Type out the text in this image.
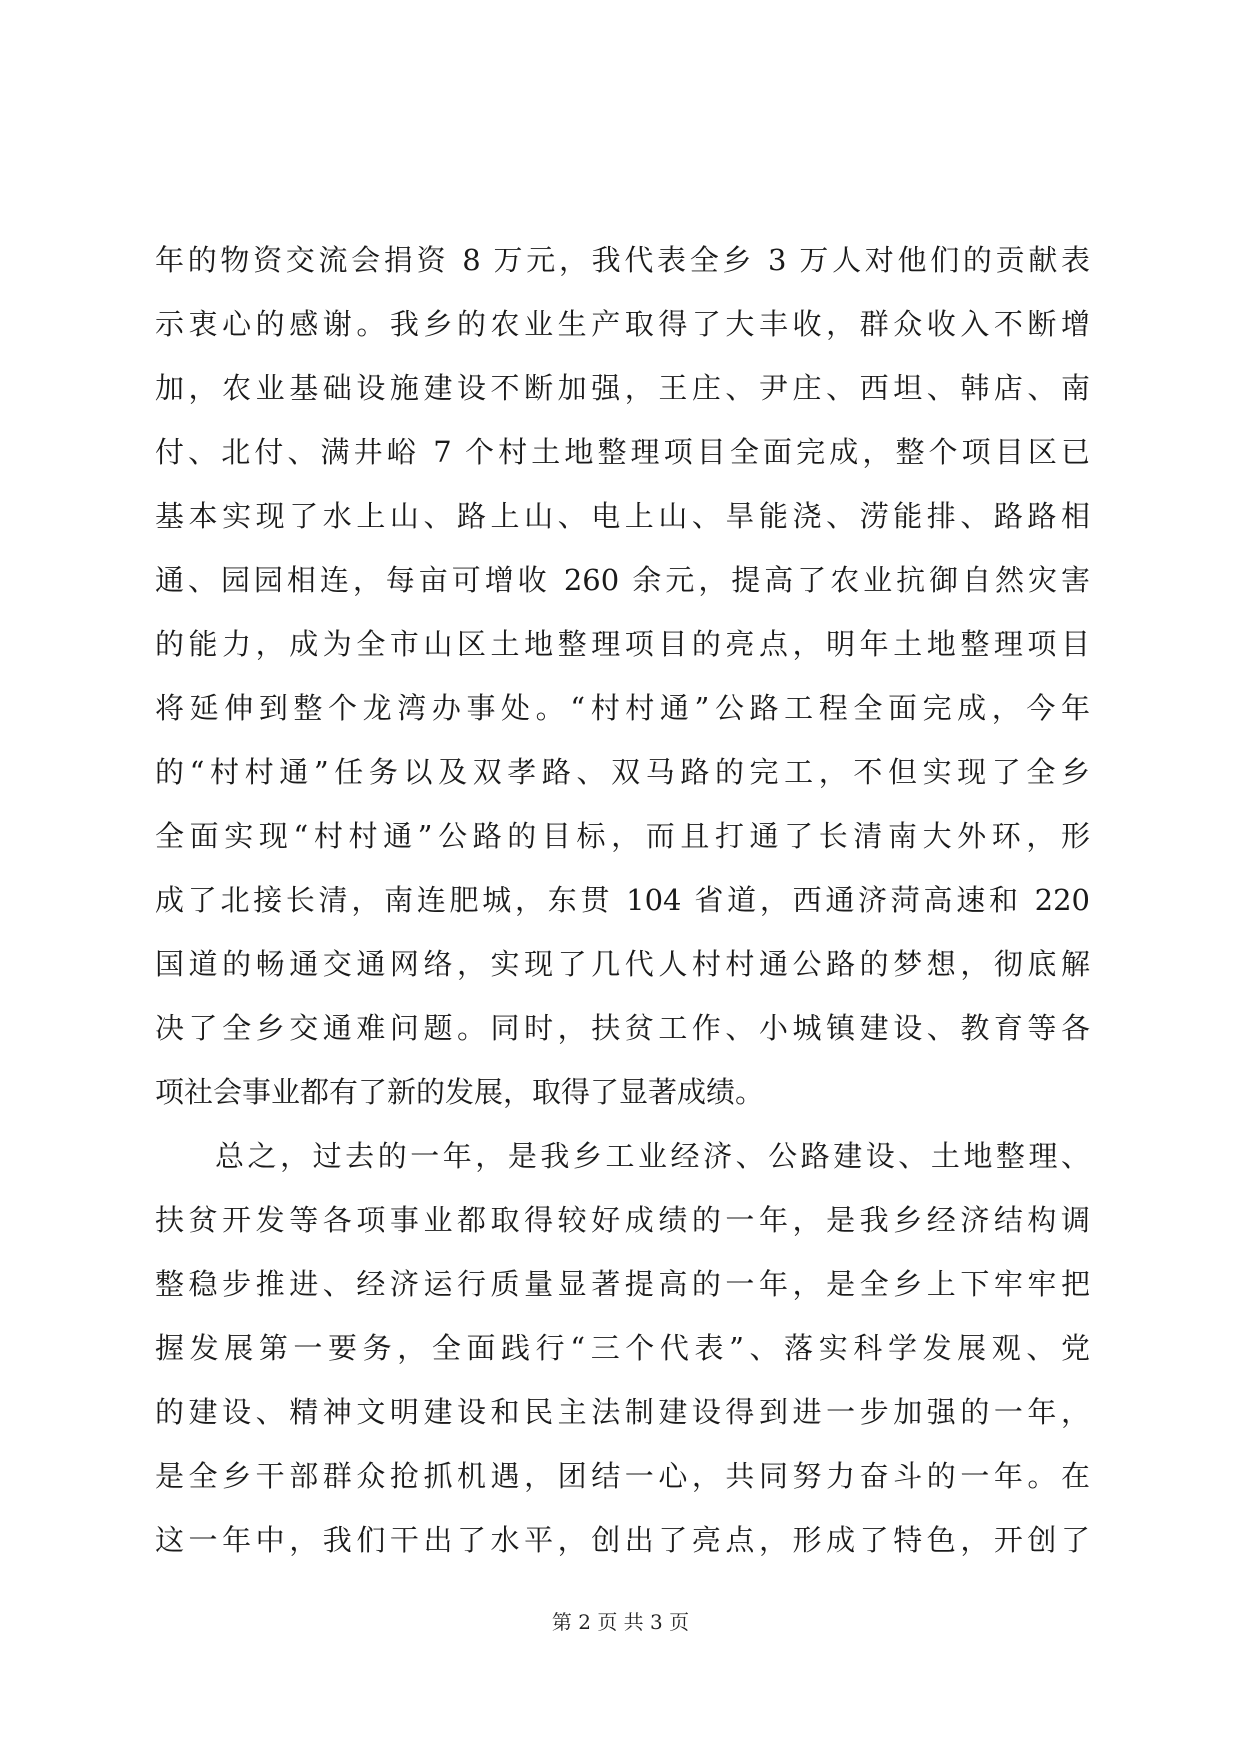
年的物资交流会捐资 8 万元，我代表全乡 3 万人对他们的贡献表
示衷心的感谢。我乡的农业生产取得了大丰收，群众收入不断增
加，农业基础设施建设不断加强，王庄、尹庄、西坦、韩店、南
付、北付、满井峪 7 个村土地整理项目全面完成，整个项目区已
基本实现了水上山、路上山、电上山、旱能浇、涝能排、路路相
通、园园相连，每亩可增收 260 余元，提高了农业抗御自然灾害
的能力，成为全市山区土地整理项目的亮点，明年土地整理项目
将延伸到整个龙湾办事处。“村村通”公路工程全面完成，今年
的“村村通”任务以及双孝路、双马路的完工，不但实现了全乡
全面实现“村村通”公路的目标，而且打通了长清南大外环，形
成了北接长清，南连肥城，东贯 104 省道，西通济菏高速和 220
国道的畅通交通网络，实现了几代人村村通公路的梦想，彻底解
决了全乡交通难问题。同时，扶贫工作、小城镇建设、教育等各
项社会事业都有了新的发展，取得了显著成绩。
总之，过去的一年，是我乡工业经济、公路建设、土地整理、
扶贫开发等各项事业都取得较好成绩的一年，是我乡经济结构调
整稳步推进、经济运行质量显著提高的一年，是全乡上下牢牢把
握发展第一要务，全面践行“三个代表”、落实科学发展观、党
的建设、精神文明建设和民主法制建设得到进一步加强的一年，
是全乡干部群众抢抓机遇，团结一心，共同努力奋斗的一年。在
这一年中，我们干出了水平，创出了亮点，形成了特色，开创了
第 2 页 共 3 页
